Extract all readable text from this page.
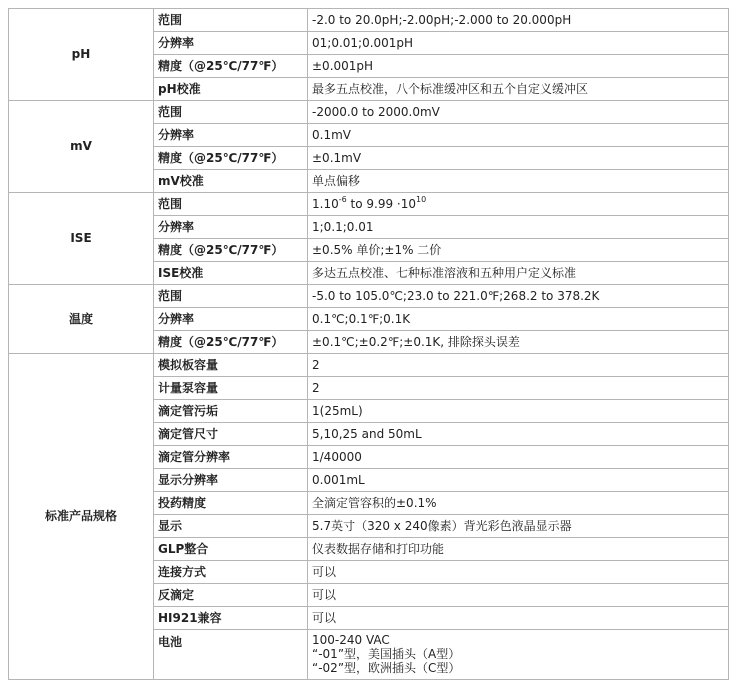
pH	范围	-2.0 to 20.0pH;-2.00pH;-2.000 to 20.000pH
	分辨率	01;0.01;0.001pH
	精度（@25℃/77℉）	±0.001pH
	pH校准	最多五点校准，八个标准缓冲区和五个自定义缓冲区
mV	范围	-2000.0 to 2000.0mV
	分辨率	0.1mV
	精度（@25℃/77℉）	±0.1mV
	mV校准	单点偏移
ISE	范围	$1.10^{-6}$ to $9.99 \cdot 10^{10}$
	分辨率	1;0.1;0.01
	精度（@25℃/77℉）	±0.5% 单价;±1% 二价
	ISE校准	多达五点校准、七种标准溶液和五种用户定义标准
温度	范围	-5.0 to 105.0℃;23.0 to 221.0℉;268.2 to 378.2K
	分辨率	0.1℃;0.1℉;0.1K
	精度（@25℃/77℉）	±0.1℃;±0.2℉;±0.1K, 排除探头误差
标准产品规格	模拟板容量	2
	计量泵容量	2
	滴定管污垢	1(25mL)
	滴定管尺寸	5,10,25 and 50mL
	滴定管分辨率	1/40000
	显示分辨率	0.001mL
	投药精度	全滴定管容积的±0.1%
	显示	5.7英寸（320 x 240像素）背光彩色液晶显示器
	GLP整合	仪表数据存储和打印功能
	连接方式	可以
	反滴定	可以
	HI921兼容	可以
	电池	100-240 VAC
“-01”型，美国插头（A型）
“-02”型，欧洲插头（C型）
